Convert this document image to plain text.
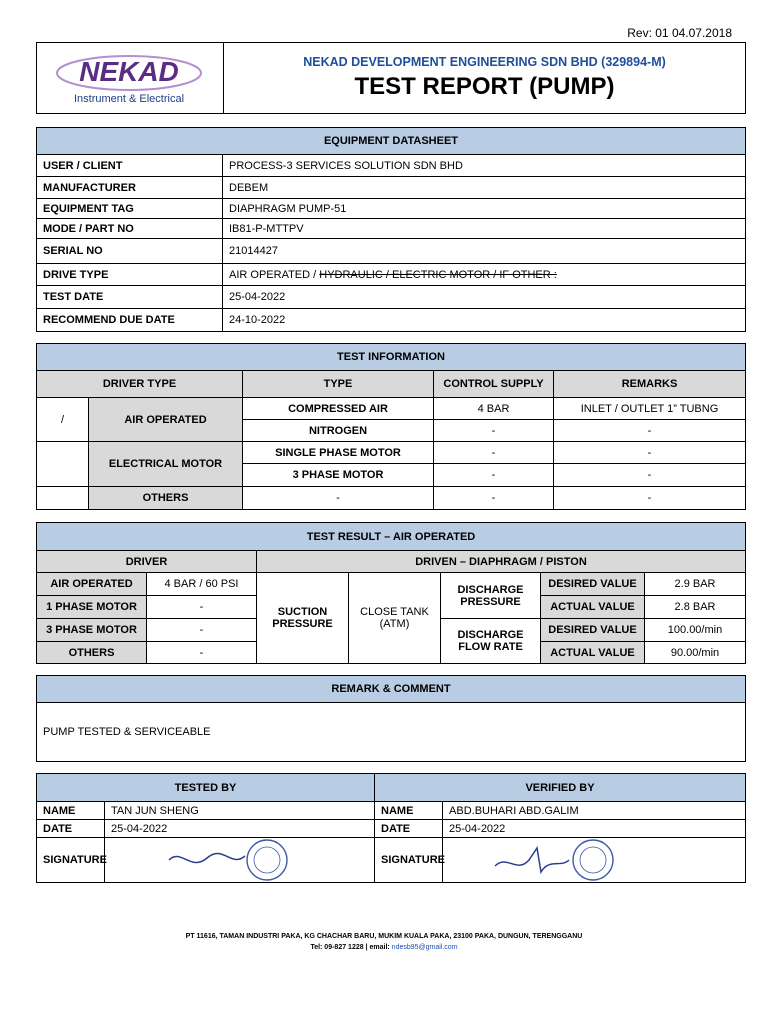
Rev: 01 04.07.2018
NEKAD
Instrument & Electrical
NEKAD DEVELOPMENT ENGINEERING SDN BHD (329894-M)
TEST REPORT (PUMP)
EQUIPMENT DATASHEET	
USER / CLIENT	PROCESS-3 SERVICES SOLUTION SDN BHD
MANUFACTURER	DEBEM
EQUIPMENT TAG	DIAPHRAGM PUMP-51
MODE / PART NO	IB81-P-MTTPV
SERIAL NO	21014427
DRIVE TYPE	AIR OPERATED / HYDRAULIC / ELECTRIC MOTOR / IF OTHER :
TEST DATE	25-04-2022
RECOMMEND DUE DATE	24-10-2022
TEST INFORMATION				
DRIVER TYPE		TYPE	CONTROL SUPPLY	REMARKS
/	AIR OPERATED	COMPRESSED AIR	4 BAR	INLET / OUTLET 1” TUBNG
		NITROGEN	-	-
	ELECTRICAL MOTOR	SINGLE PHASE MOTOR	-	-
		3 PHASE MOTOR	-	-
	OTHERS	-	-	-
TEST RESULT – AIR OPERATED						
DRIVER		DRIVEN – DIAPHRAGM / PISTON				
AIR OPERATED	4 BAR / 60 PSI	SUCTION PRESSURE	CLOSE TANK (ATM)	DISCHARGE PRESSURE	DESIRED VALUE	2.9 BAR
1 PHASE MOTOR	-				ACTUAL VALUE	2.8 BAR
3 PHASE MOTOR	-			DISCHARGE FLOW RATE	DESIRED VALUE	100.00/min
OTHERS	-				ACTUAL VALUE	90.00/min
REMARK & COMMENT
PUMP TESTED & SERVICEABLE
TESTED BY		VERIFIED BY	
NAME	TAN JUN SHENG	NAME	ABD.BUHARI ABD.GALIM
DATE	25-04-2022	DATE	25-04-2022
SIGNATURE		SIGNATURE	
PT 11616, TAMAN INDUSTRI PAKA, KG CHACHAR BARU, MUKIM KUALA PAKA, 23100 PAKA, DUNGUN, TERENGGANU
Tel: 09-827 1228 | email: ndesb95@gmail.com
